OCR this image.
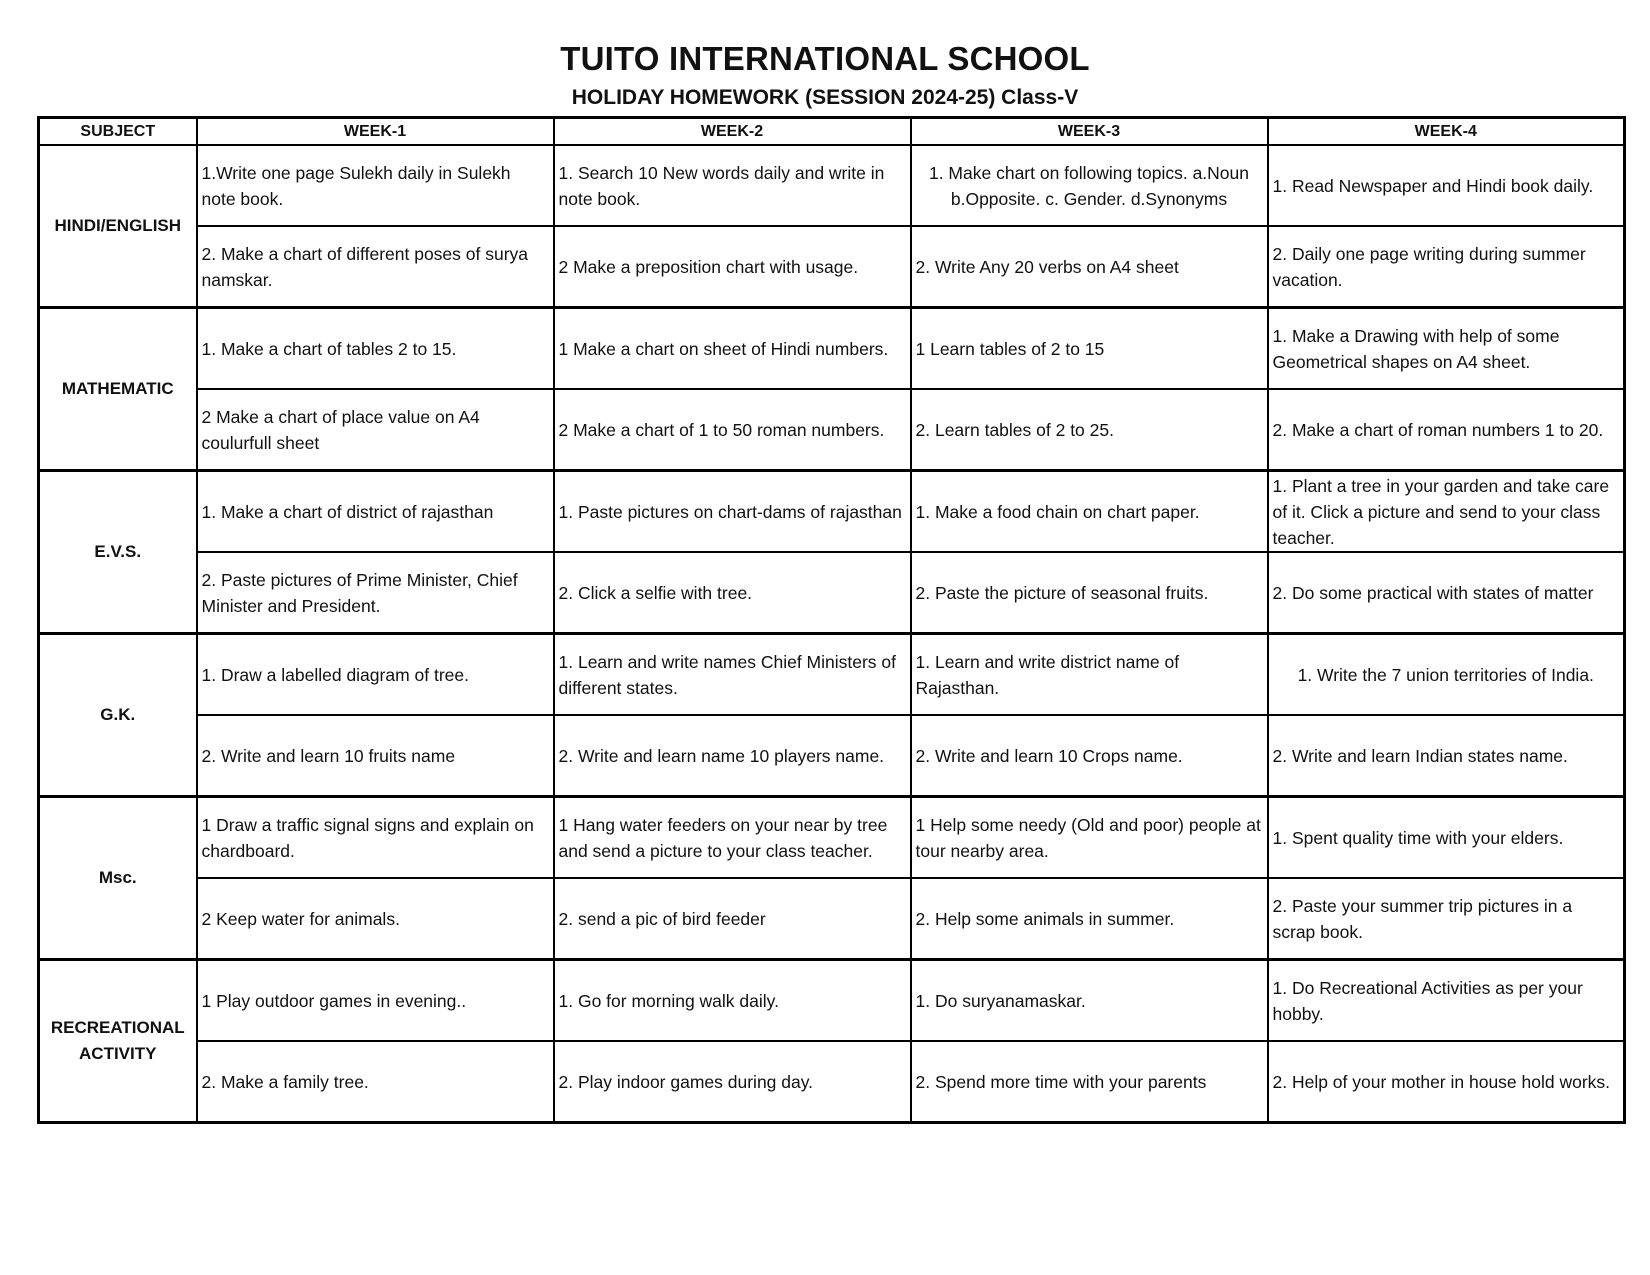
TUITO INTERNATIONAL SCHOOL
HOLIDAY HOMEWORK (SESSION 2024-25) Class-V
SUBJECT	WEEK-1	WEEK-2	WEEK-3	WEEK-4
HINDI/ENGLISH	1.Write one page Sulekh daily in Sulekh note book.	1. Search 10 New words daily and write in note book.	1. Make chart on following topics. a.Noun b.Opposite. c. Gender. d.Synonyms	1. Read Newspaper and Hindi book daily.
	2. Make a chart of different poses of surya namskar.	2 Make a preposition chart with usage.	2. Write Any 20 verbs on A4 sheet	2. Daily one page writing during summer vacation.
MATHEMATIC	1. Make a chart of tables 2 to 15.	1 Make a chart on sheet of Hindi numbers.	1 Learn tables of 2 to 15	1. Make a Drawing with help of some Geometrical shapes on A4 sheet.
	2 Make a chart of place value on A4 coulurfull sheet	2 Make a chart of 1 to 50 roman numbers.	2. Learn tables of 2 to 25.	2. Make a chart of roman numbers 1 to 20.
E.V.S.	1. Make a chart of district of rajasthan	1. Paste pictures on chart-dams of rajasthan	1. Make a food chain on chart paper.	1. Plant a tree in your garden and take care of it. Click a picture and send to your class teacher.
	2. Paste pictures of Prime Minister, Chief Minister and President.	2. Click a selfie with tree.	2. Paste the picture of seasonal fruits.	2. Do some practical with states of matter
G.K.	1. Draw a labelled diagram of tree.	1. Learn and write names Chief Ministers of different states.	1. Learn and write district name of Rajasthan.	1. Write the 7 union territories of India.
	2. Write and learn 10 fruits name	2. Write and learn name 10 players name.	2. Write and learn 10 Crops name.	2. Write and learn Indian states name.
Msc.	1 Draw a traffic signal signs and explain on chardboard.	1 Hang water feeders on your near by tree and send a picture to your class teacher.	1 Help some needy (Old and poor) people at tour nearby area.	1. Spent quality time with your elders.
	2 Keep water for animals.	2. send a pic of bird feeder	2. Help some animals in summer.	2. Paste your summer trip pictures in a scrap book.
RECREATIONAL ACTIVITY	1 Play outdoor games in evening..	1. Go for morning walk daily.	1. Do suryanamaskar.	1. Do Recreational Activities as per your hobby.
	2. Make a family tree.	2. Play indoor games during day.	2. Spend more time with your parents	2. Help of your mother in house hold works.
